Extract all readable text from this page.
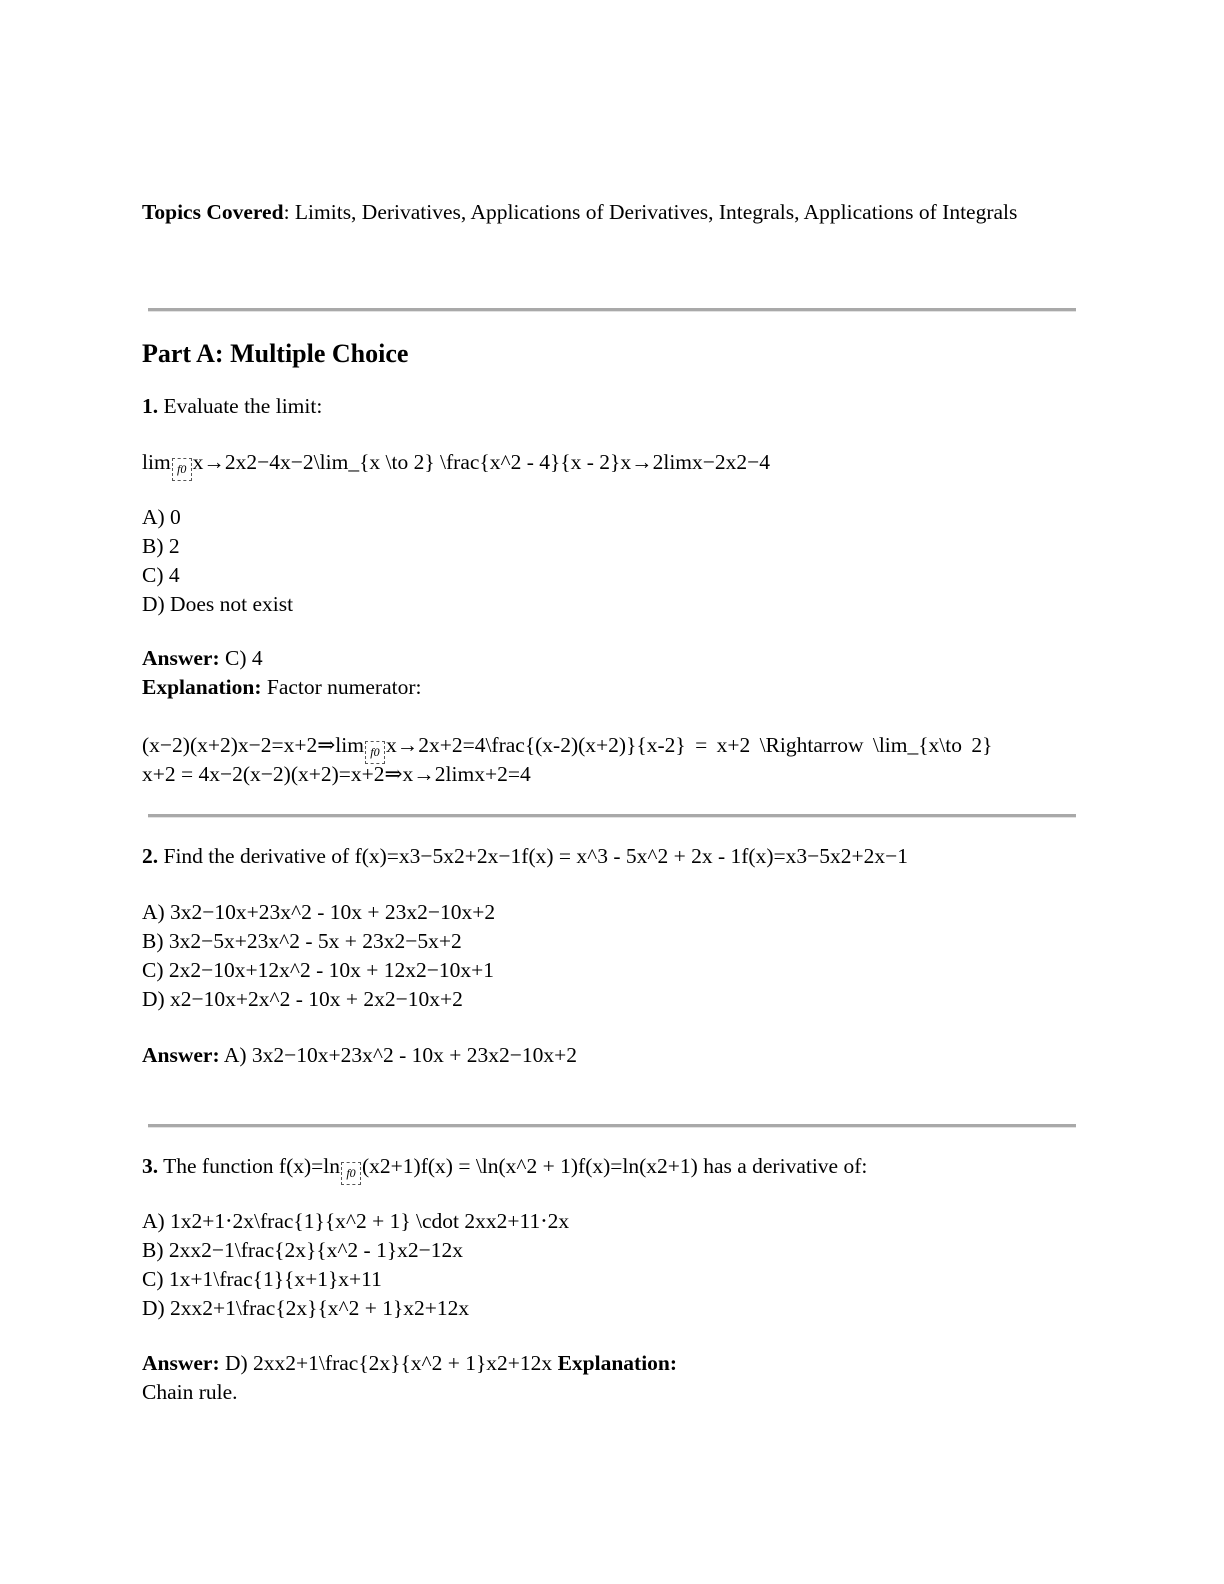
Topics Covered: Limits, Derivatives, Applications of Derivatives, Integrals, Applications of Integrals
Part A: Multiple Choice
1. Evaluate the limit:
lim f0 x→2x2−4x−2\lim_{x \to 2} \frac{x^2 - 4}{x - 2}x→2limx−2x2−4
A) 0
B) 2
C) 4
D) Does not exist
Answer: C) 4
Explanation: Factor numerator:
(x−2)(x+2)x−2=x+2⇒lim f0 x→2x+2=4\frac{(x-2)(x+2)}{x-2} = x+2 \Rightarrow \lim_{x\to 2}
x+2 = 4x−2(x−2)(x+2)=x+2⇒x→2limx+2=4
2. Find the derivative of f(x)=x3−5x2+2x−1f(x) = x^3 - 5x^2 + 2x - 1f(x)=x3−5x2+2x−1
A) 3x2−10x+23x^2 - 10x + 23x2−10x+2
B) 3x2−5x+23x^2 - 5x + 23x2−5x+2
C) 2x2−10x+12x^2 - 10x + 12x2−10x+1
D) x2−10x+2x^2 - 10x + 2x2−10x+2
Answer: A) 3x2−10x+23x^2 - 10x + 23x2−10x+2
3. The function f(x)=ln f0 (x2+1)f(x) = \ln(x^2 + 1)f(x)=ln(x2+1) has a derivative of:
A) 1x2+1⋅2x\frac{1}{x^2 + 1} \cdot 2xx2+11⋅2x
B) 2xx2−1\frac{2x}{x^2 - 1}x2−12x
C) 1x+1\frac{1}{x+1}x+11
D) 2xx2+1\frac{2x}{x^2 + 1}x2+12x
Answer: D) 2xx2+1\frac{2x}{x^2 + 1}x2+12x Explanation:
Chain rule.
